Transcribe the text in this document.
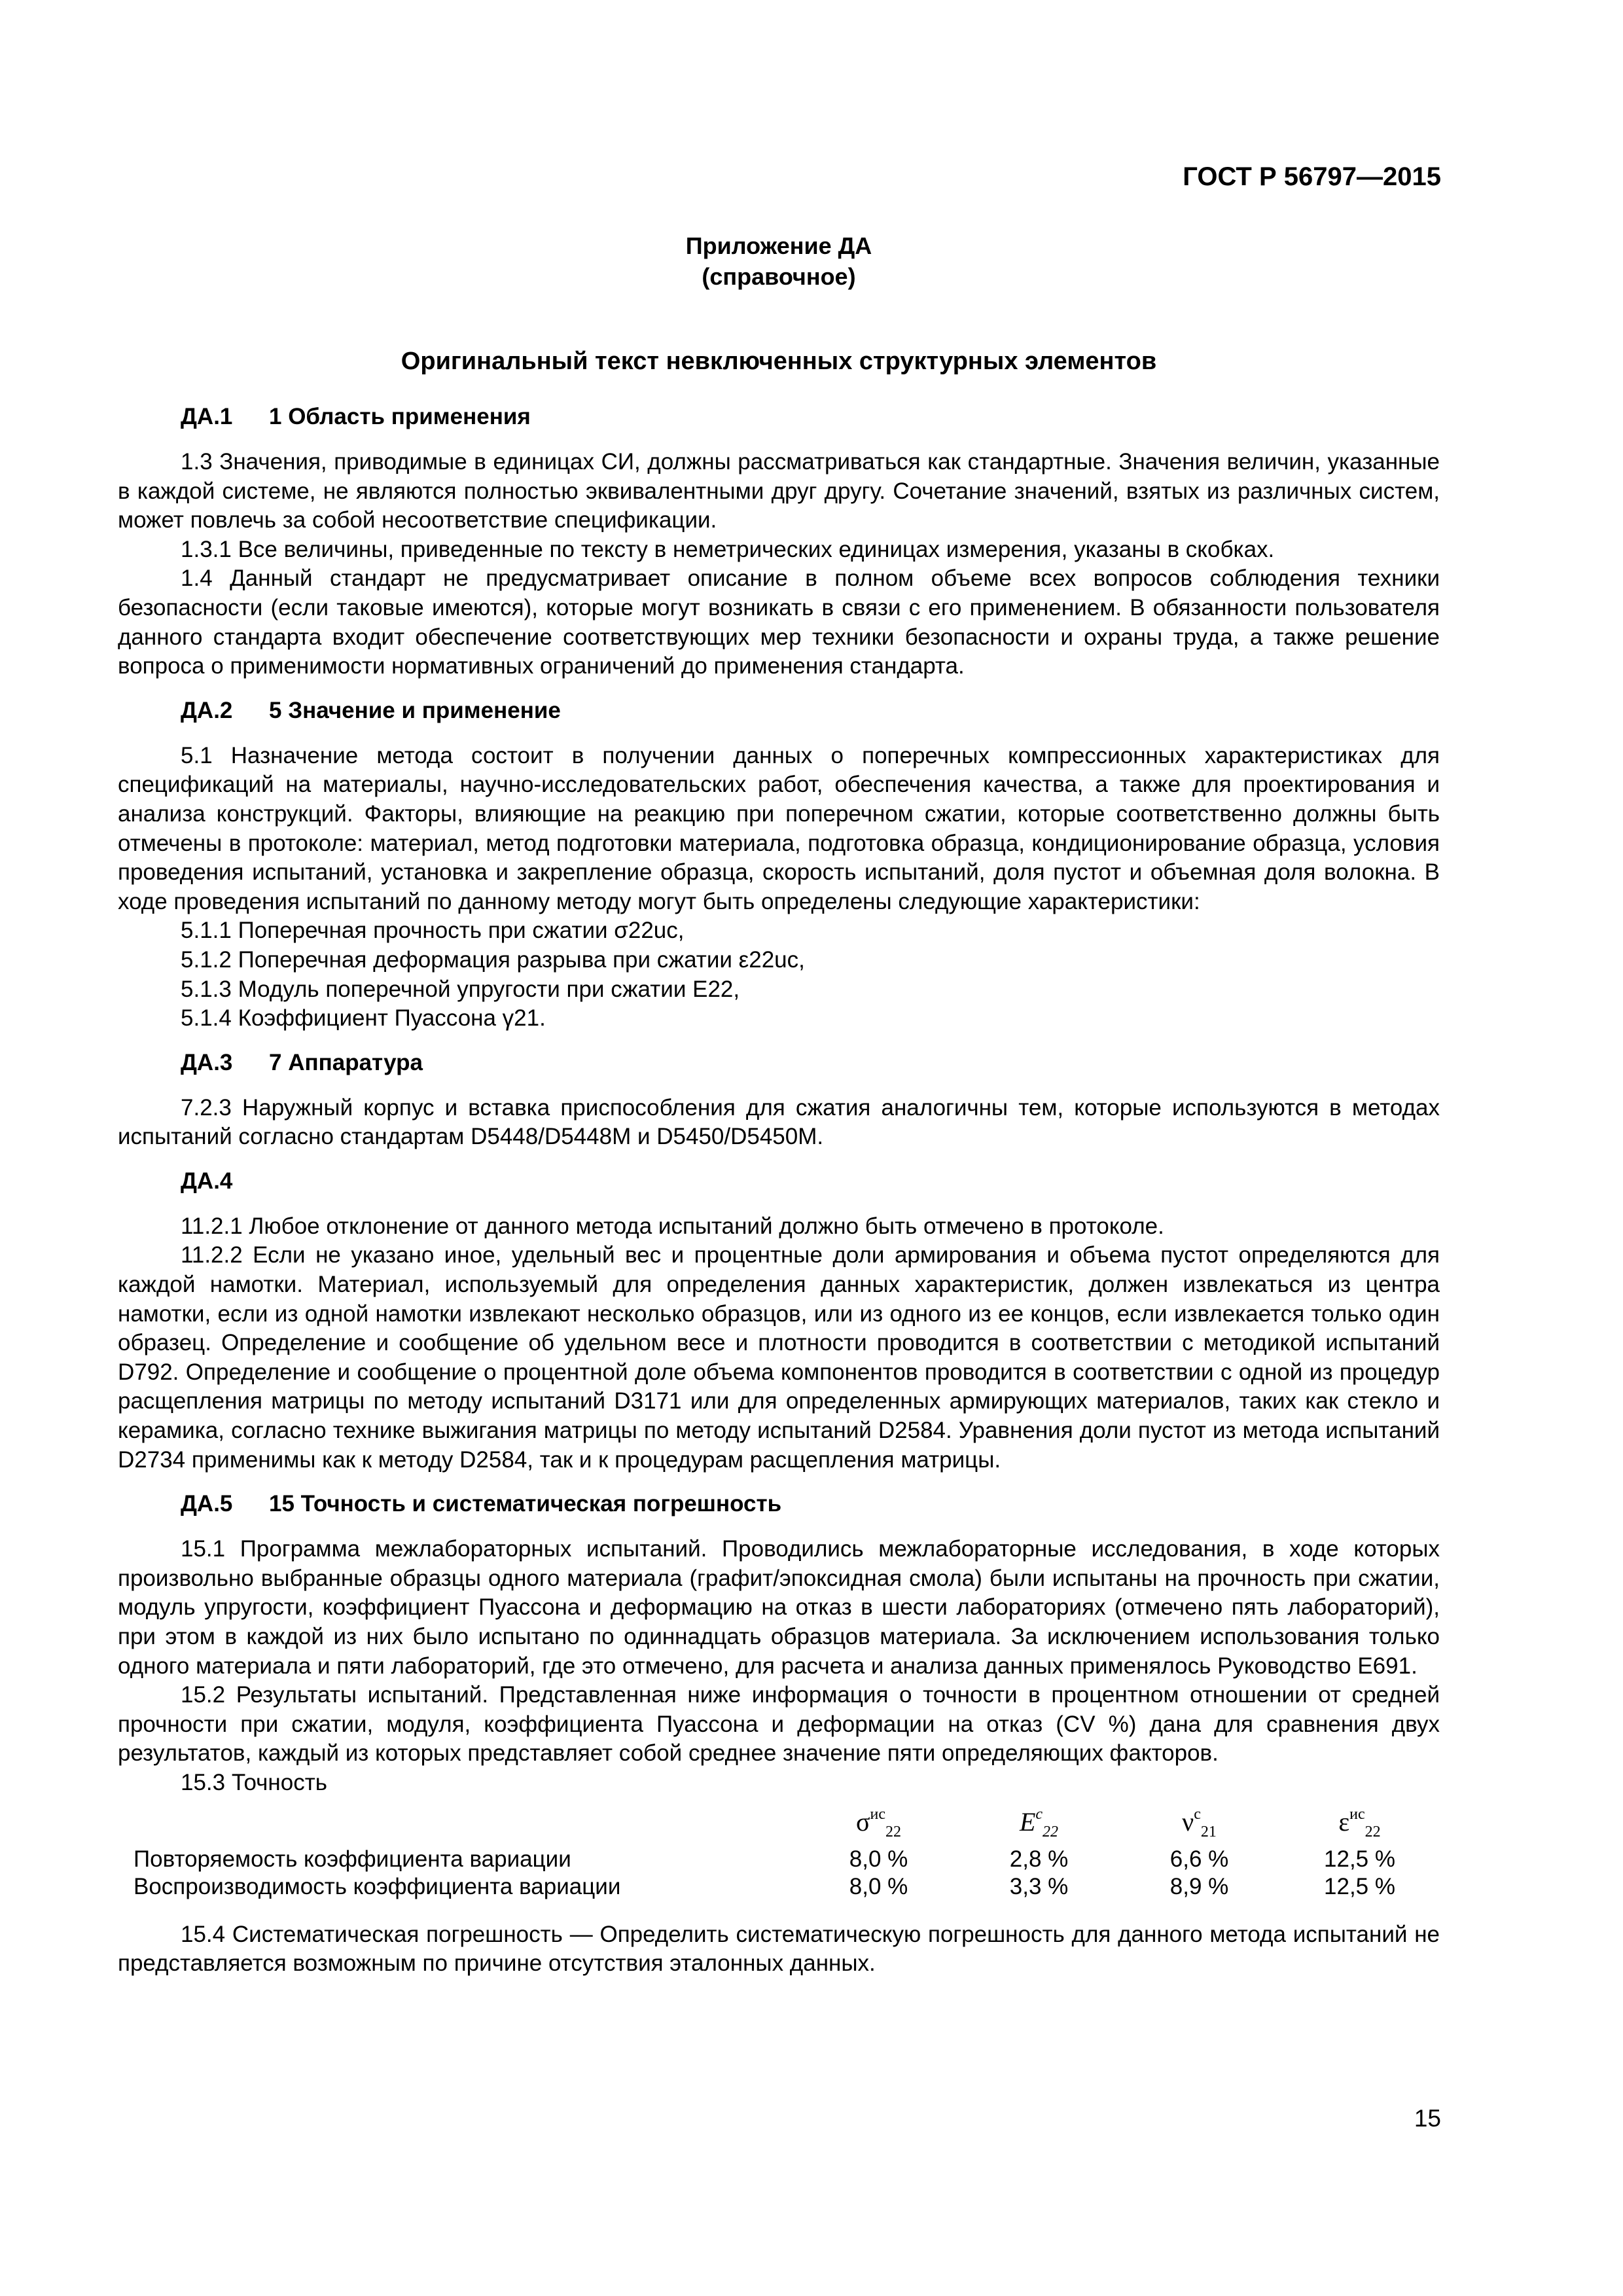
ГОСТ Р 56797—2015
Приложение ДА
(справочное)
Оригинальный текст невключенных структурных элементов
ДА.1 1 Область применения

1.3 Значения, приводимые в единицах СИ, должны рассматриваться как стандартные. Значения величин, указанные в каждой системе, не являются полностью эквивалентными друг другу. Сочетание значений, взятых из различных систем, может повлечь за собой несоответствие спецификации.

1.3.1 Все величины, приведенные по тексту в неметрических единицах измерения, указаны в скобках.

1.4 Данный стандарт не предусматривает описание в полном объеме всех вопросов соблюдения техники безопасности (если таковые имеются), которые могут возникать в связи с его применением. В обязанности пользователя данного стандарта входит обеспечение соответствующих мер техники безопасности и охраны труда, а также решение вопроса о применимости нормативных ограничений до применения стандарта.

ДА.2 5 Значение и применение

5.1 Назначение метода состоит в получении данных о поперечных компрессионных характеристиках для спецификаций на материалы, научно-исследовательских работ, обеспечения качества, а также для проектирования и анализа конструкций. Факторы, влияющие на реакцию при поперечном сжатии, которые соответственно должны быть отмечены в протоколе: материал, метод подготовки материала, подготовка образца, кондиционирование образца, условия проведения испытаний, установка и закрепление образца, скорость испытаний, доля пустот и объемная доля волокна. В ходе проведения испытаний по данному методу могут быть определены следующие характеристики:

5.1.1 Поперечная прочность при сжатии σ22uc,

5.1.2 Поперечная деформация разрыва при сжатии ε22uc,

5.1.3 Модуль поперечной упругости при сжатии E22,

5.1.4 Коэффициент Пуассона γ21.

ДА.3 7 Аппаратура

7.2.3 Наружный корпус и вставка приспособления для сжатия аналогичны тем, которые используются в методах испытаний согласно стандартам D5448/D5448M и D5450/D5450M.

ДА.4

11.2.1 Любое отклонение от данного метода испытаний должно быть отмечено в протоколе.

11.2.2 Если не указано иное, удельный вес и процентные доли армирования и объема пустот определяются для каждой намотки. Материал, используемый для определения данных характеристик, должен извлекаться из центра намотки, если из одной намотки извлекают несколько образцов, или из одного из ее концов, если извлекается только один образец. Определение и сообщение об удельном весе и плотности проводится в соответствии с методикой испытаний D792. Определение и сообщение о процентной доле объема компонентов проводится в соответствии с одной из процедур расщепления матрицы по методу испытаний D3171 или для определенных армирующих материалов, таких как стекло и керамика, согласно технике выжигания матрицы по методу испытаний D2584. Уравнения доли пустот из метода испытаний D2734 применимы как к методу D2584, так и к процедурам расщепления матрицы.

ДА.5 15 Точность и систематическая погрешность

15.1 Программа межлабораторных испытаний. Проводились межлабораторные исследования, в ходе которых произвольно выбранные образцы одного материала (графит/эпоксидная смола) были испытаны на прочность при сжатии, модуль упругости, коэффициент Пуассона и деформацию на отказ в шести лабораториях (отмечено пять лабораторий), при этом в каждой из них было испытано по одиннадцать образцов материала. За исключением использования только одного материала и пяти лабораторий, где это отмечено, для расчета и анализа данных применялось Руководство E691.

15.2 Результаты испытаний. Представленная ниже информация о точности в процентном отношении от средней прочности при сжатии, модуля, коэффициента Пуассона и деформации на отказ (CV %) дана для сравнения двух результатов, каждый из которых представляет собой среднее значение пяти определяющих факторов.

15.3 Точность

	$\sigma^{ис}_{22}$	$E^с_{22}$	$\nu^с_{21}$	$\varepsilon^{ис}_{22}$
Повторяемость коэффициента вариации	8,0 %	2,8 %	6,6 %	12,5 %
Воспроизводимость коэффициента вариации	8,0 %	3,3 %	8,9 %	12,5 %

15.4 Систематическая погрешность — Определить систематическую погрешность для данного метода испытаний не представляется возможным по причине отсутствия эталонных данных.

15
